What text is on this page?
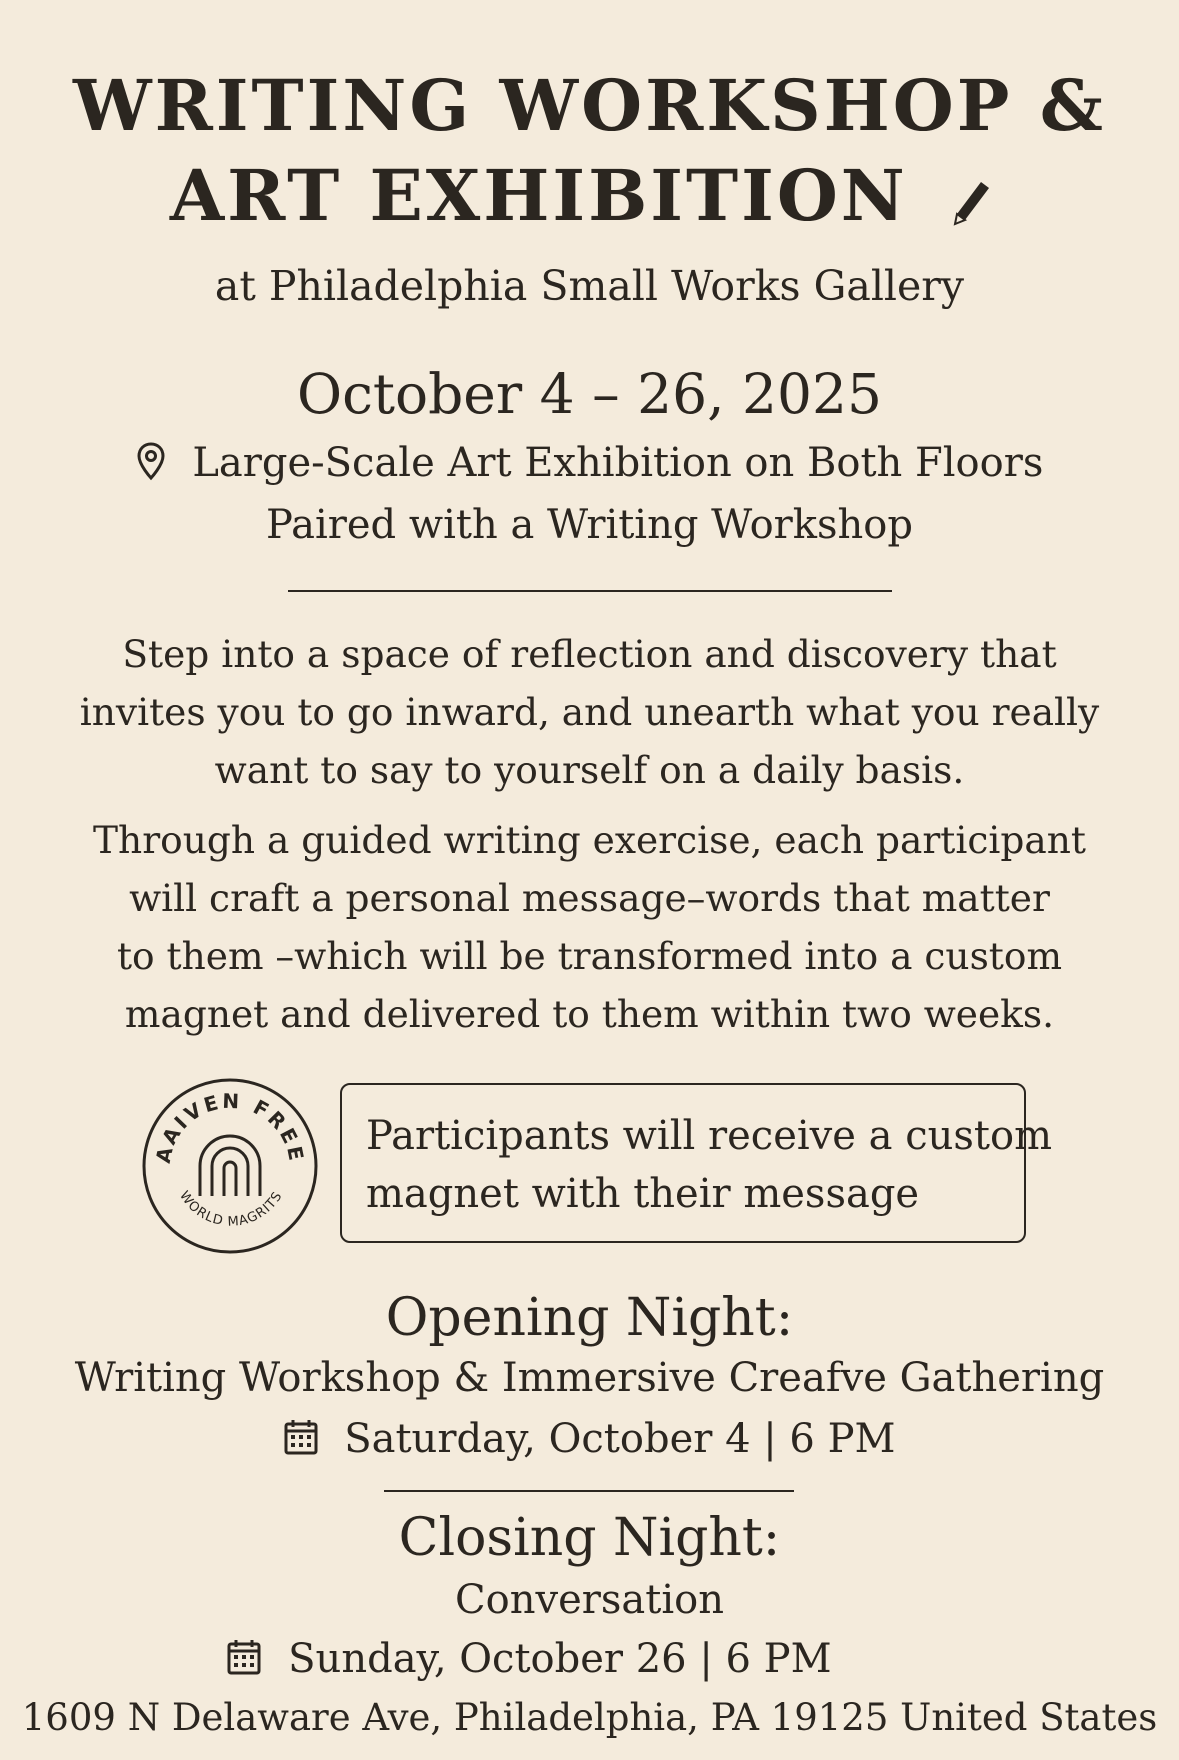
WRITING WORKSHOP &
ART EXHIBITION
at Philadelphia Small Works Gallery
October 4 – 26, 2025
Large-Scale Art Exhibition on Both Floors
Paired with a Writing Workshop
Step into a space of reflection and discovery that
invites you to go inward, and unearth what you really
want to say to yourself on a daily basis.
Through a guided writing exercise, each participant
will craft a personal message–words that matter
to them –which will be transformed into a custom
magnet and delivered to them within two weeks.
AAIVEN FREE
WORLD MAGRITS
Participants will receive a custom
magnet with their message
Opening Night:
Writing Workshop & Immersive Creafve Gathering
Saturday, October 4 | 6 PM
Closing Night:
Conversation
Sunday, October 26 | 6 PM
1609 N Delaware Ave, Philadelphia, PA 19125 United States
